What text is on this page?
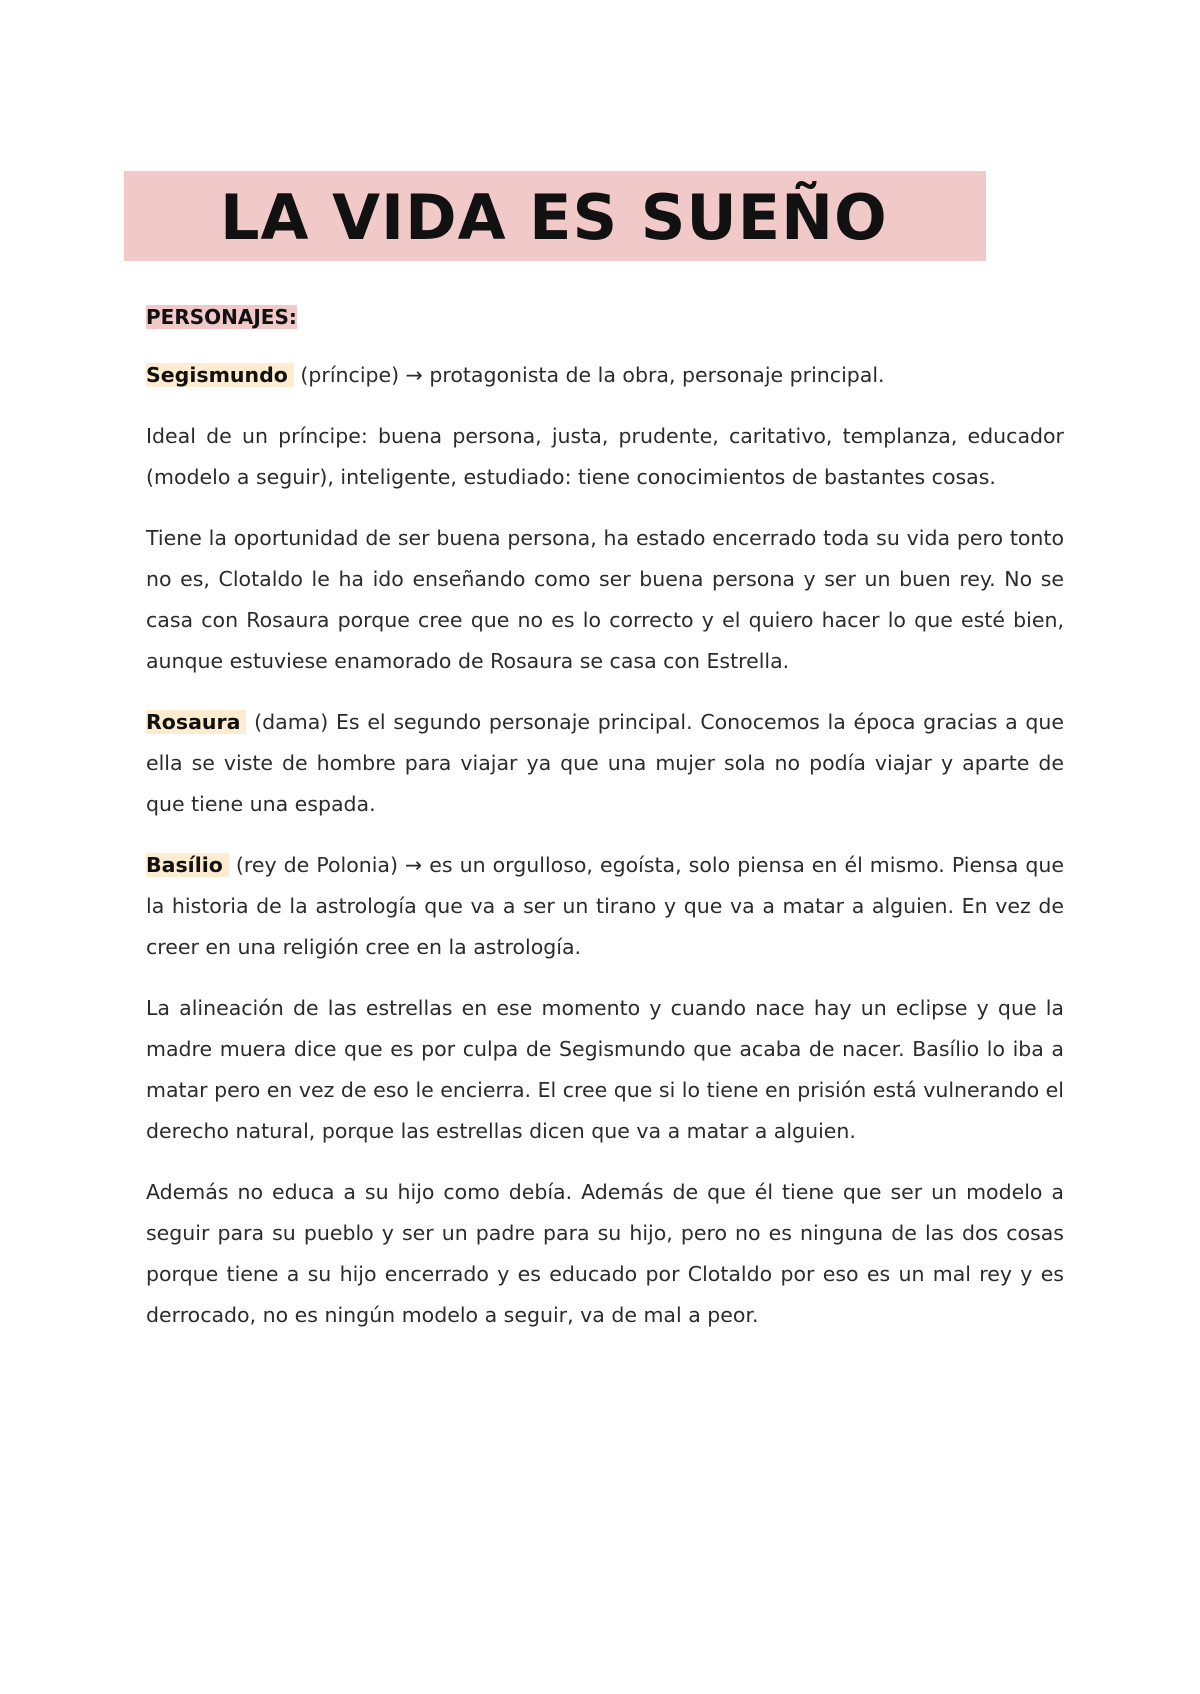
LA VIDA ES SUEÑO
PERSONAJES:

Segismundo (príncipe) → protagonista de la obra, personaje principal.

Ideal de un príncipe: buena persona, justa, prudente, caritativo, templanza, educador (modelo a seguir), inteligente, estudiado: tiene conocimientos de bastantes cosas.

Tiene la oportunidad de ser buena persona, ha estado encerrado toda su vida pero tonto no es, Clotaldo le ha ido enseñando como ser buena persona y ser un buen rey. No se casa con Rosaura porque cree que no es lo correcto y el quiero hacer lo que esté bien, aunque estuviese enamorado de Rosaura se casa con Estrella.

Rosaura (dama) Es el segundo personaje principal. Conocemos la época gracias a que ella se viste de hombre para viajar ya que una mujer sola no podía viajar y aparte de que tiene una espada.

Basílio (rey de Polonia) → es un orgulloso, egoísta, solo piensa en él mismo. Piensa que la historia de la astrología que va a ser un tirano y que va a matar a alguien. En vez de creer en una religión cree en la astrología.

La alineación de las estrellas en ese momento y cuando nace hay un eclipse y que la madre muera dice que es por culpa de Segismundo que acaba de nacer. Basílio lo iba a matar pero en vez de eso le encierra. El cree que si lo tiene en prisión está vulnerando el derecho natural, porque las estrellas dicen que va a matar a alguien.

Además no educa a su hijo como debía. Además de que él tiene que ser un modelo a seguir para su pueblo y ser un padre para su hijo, pero no es ninguna de las dos cosas porque tiene a su hijo encerrado y es educado por Clotaldo por eso es un mal rey y es derrocado, no es ningún modelo a seguir, va de mal a peor.
